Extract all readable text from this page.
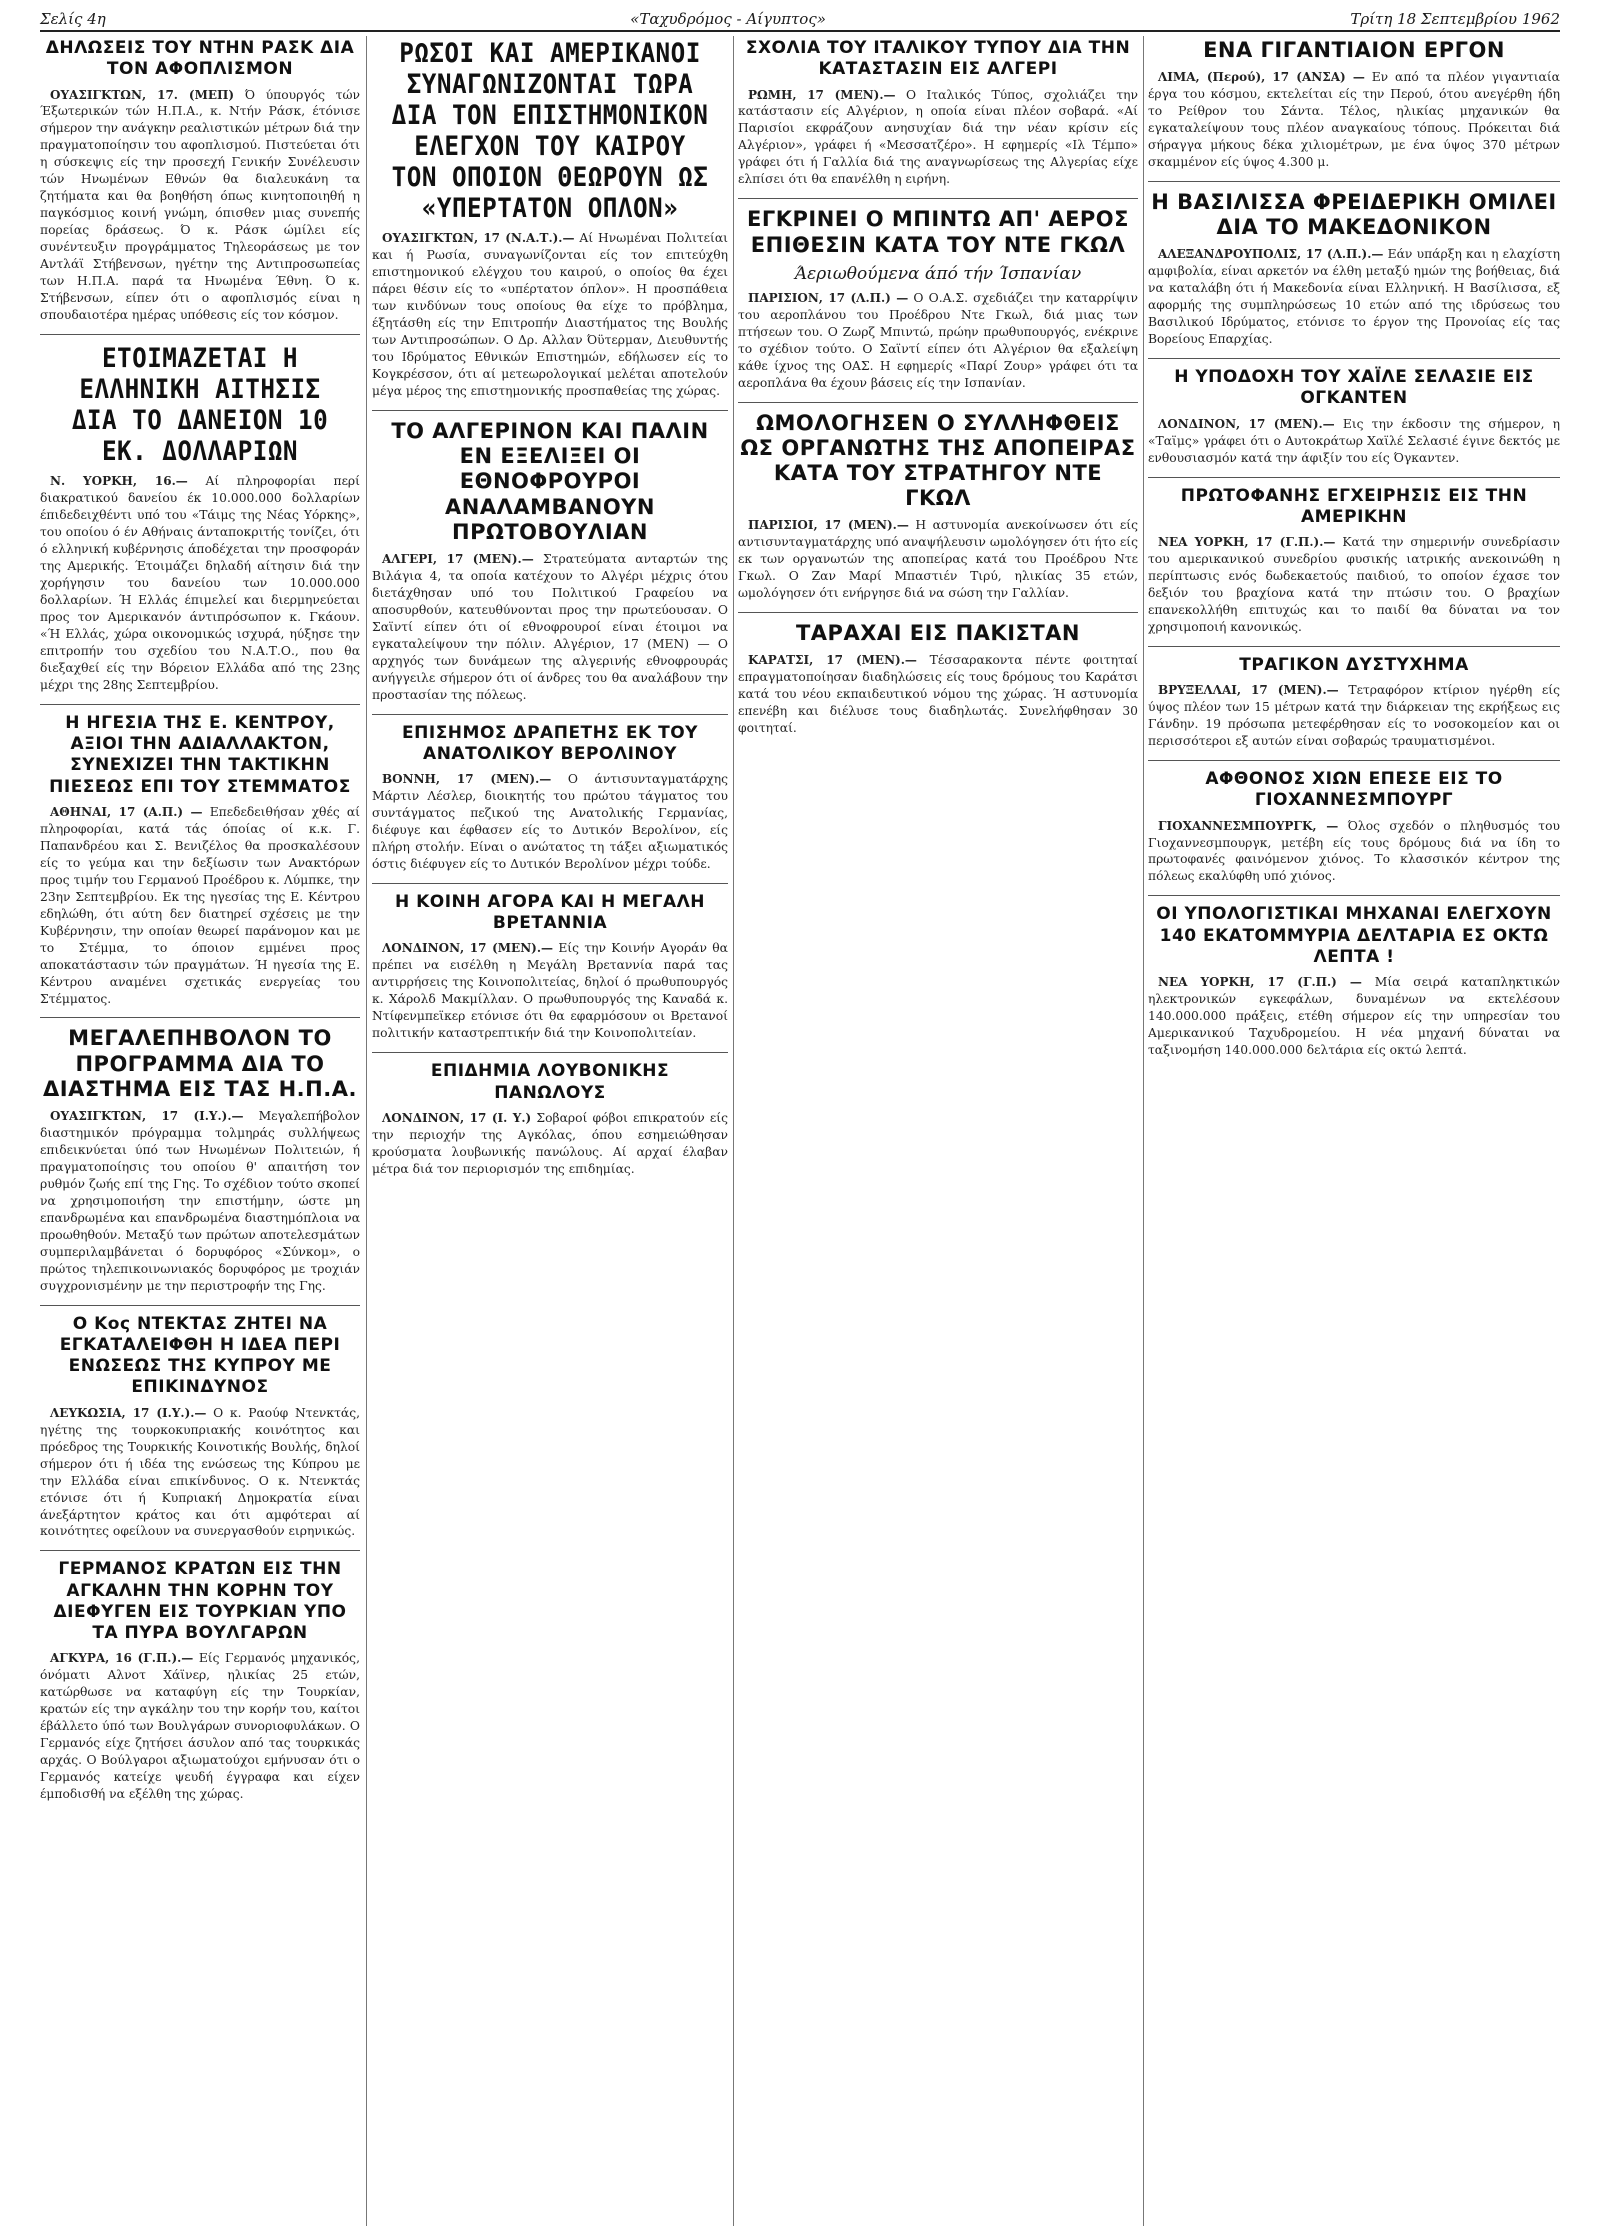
Σελίς 4η	«Ταχυδρόμος - Αίγυπτος»	Τρίτη 18 Σεπτεμβρίου 1962
ΔΗΛΩΣΕΙΣ ΤΟΥ ΝΤΗΝ ΡΑΣΚ ΔΙΑ ΤΟΝ ΑΦΟΠΛΙΣΜΟΝ

ΟΥΑΣΙΓΚΤΩΝ, 17. (ΜΕΠ) Ό ύπουργός τών Έξωτερικών τών Η.Π.Α., κ. Ντήν Ράσκ, έτόνισε σήμερον την ανάγκην ρεαλιστικών μέτρων διά την πραγματοποίησιν του αφοπλισμού. Πιστεύεται ότι η σύσκεψις είς την προσεχή Γενικήν Συνέλευσιν τών Ηνωμένων Εθνών θα διαλευκάνη τα ζητήματα και θα βοηθήση όπως κινητοποιηθή η παγκόσμιος κοινή γνώμη, όπισθεν μιας συνεπής πορείας δράσεως. Ό κ. Ράσκ ώμίλει είς συνέντευξιν προγράμματος Τηλεοράσεως με τον Αντλάϊ Στήβενσων, ηγέτην της Αντιπροσωπείας των Η.Π.Α. παρά τα Ηνωμένα Έθνη. Ό κ. Στήβενσων, είπεν ότι ο αφοπλισμός είναι η σπουδαιοτέρα ημέρας υπόθεσις είς τον κόσμον.

ΕΤΟΙΜΑΖΕΤΑΙ Η ΕΛΛΗΝΙΚΗ ΑΙΤΗΣΙΣ ΔΙΑ ΤΟ ΔΑΝΕΙΟΝ 10 ΕΚ. ΔΟΛΛΑΡΙΩΝ

Ν. ΥΟΡΚΗ, 16.— Αί πληροφορίαι περί διακρατικού δανείου έκ 10.000.000 δολλαρίων έπιδεδειχθέντι υπό του «Τάιμς της Νέας Υόρκης», του οποίου ό έν Αθήναις άνταποκριτής τονίζει, ότι ό ελληνική κυβέρνησις άποδέχεται την προσφοράν της Αμερικής. Έτοιμάζει δηλαδή αίτησιν διά την χορήγησιν του δανείου των 10.000.000 δολλαρίων. Ή Ελλάς έπιμελεί και διερμηνεύεται προς τον Αμερικανόν άντιπρόσωπον κ. Γκάουν. «Ή Ελλάς, χώρα οικονομικώς ισχυρά, ηύξησε την επιτροπήν του σχεδίου του Ν.Α.Τ.Ο., που θα διεξαχθεί είς την Βόρειον Ελλάδα από της 23ης μέχρι της 28ης Σεπτεμβρίου.

Η ΗΓΕΣΙΑ ΤΗΣ Ε. ΚΕΝΤΡΟΥ, ΑΞΙΟΙ ΤΗΝ ΑΔΙΑΛΛΑΚΤΟΝ, ΣΥΝΕΧΙΖΕΙ ΤΗΝ ΤΑΚΤΙΚΗΝ ΠΙΕΣΕΩΣ ΕΠΙ ΤΟΥ ΣΤΕΜΜΑΤΟΣ

ΑΘΗΝΑΙ, 17 (Α.Π.) — Επεδεδειθήσαν χθές αί πληροφορίαι, κατά τάς όποίας οί κ.κ. Γ. Παπανδρέου και Σ. Βενιζέλος θα προσκαλέσουν είς το γεύμα και την δεξίωσιν των Ανακτόρων προς τιμήν του Γερμανού Προέδρου κ. Λύμπκε, την 23ην Σεπτεμβρίου. Εκ της ηγεσίας της Ε. Κέντρου εδηλώθη, ότι αύτη δεν διατηρεί σχέσεις με την Κυβέρνησιν, την οποίαν θεωρεί παράνομον και με το Στέμμα, το όποιον εμμένει προς αποκατάστασιν τών πραγμάτων. Ή ηγεσία της Ε. Κέντρου αναμένει σχετικάς ενεργείας του Στέμματος.

ΜΕΓΑΛΕΠΗΒΟΛΟΝ ΤΟ ΠΡΟΓΡΑΜΜΑ ΔΙΑ ΤΟ ΔΙΑΣΤΗΜΑ ΕΙΣ ΤΑΣ Η.Π.Α.

ΟΥΑΣΙΓΚΤΩΝ, 17 (Ι.Υ.).— Μεγαλεπήβολον διαστημικόν πρόγραμμα τολμηράς συλλήψεως επιδεικνύεται ύπό των Ηνωμένων Πολιτειών, ή πραγματοποίησις του οποίου θ' απαιτήση τον ρυθμόν ζωής επί της Γης. Το σχέδιον τούτο σκοπεί να χρησιμοποιήση την επιστήμην, ώστε μη επανδρωμένα και επανδρωμένα διαστημόπλοια να προωθηθούν. Μεταξύ των πρώτων αποτελεσμάτων συμπεριλαμβάνεται ό δορυφόρος «Σύνκομ», ο πρώτος τηλεπικοινωνιακός δορυφόρος με τροχιάν συγχρονισμένην με την περιστροφήν της Γης.

Ο Κος ΝΤΕΚΤΑΣ ΖΗΤΕΙ ΝΑ ΕΓΚΑΤΑΛΕΙΦΘΗ Η ΙΔΕΑ ΠΕΡΙ ΕΝΩΣΕΩΣ ΤΗΣ ΚΥΠΡΟΥ ΜΕ ΕΠΙΚΙΝΔΥΝΟΣ

ΛΕΥΚΩΣΙΑ, 17 (Ι.Υ.).— Ο κ. Ραούφ Ντενκτάς, ηγέτης της τουρκοκυπριακής κοινότητος και πρόεδρος της Τουρκικής Κοινοτικής Βουλής, δηλοί σήμερον ότι ή ιδέα της ενώσεως της Κύπρου με την Ελλάδα είναι επικίνδυνος. Ο κ. Ντενκτάς ετόνισε ότι ή Κυπριακή Δημοκρατία είναι άνεξάρτητον κράτος και ότι αμφότεραι αί κοινότητες οφείλουν να συνεργασθούν ειρηνικώς.

ΓΕΡΜΑΝΟΣ ΚΡΑΤΩΝ ΕΙΣ ΤΗΝ ΑΓΚΑΛΗΝ ΤΗΝ ΚΟΡΗΝ ΤΟΥ ΔΙΕΦΥΓΕΝ ΕΙΣ ΤΟΥΡΚΙΑΝ ΥΠΟ ΤΑ ΠΥΡΑ ΒΟΥΛΓΑΡΩΝ

ΑΓΚΥΡΑ, 16 (Γ.Π.).— Είς Γερμανός μηχανικός, όνόματι Αλνοτ Χάϊνερ, ηλικίας 25 ετών, κατώρθωσε να καταφύγη είς την Τουρκίαν, κρατών είς την αγκάλην του την κορήν του, καίτοι έβάλλετο ύπό των Βουλγάρων συνοριοφυλάκων. Ο Γερμανός είχε ζητήσει άσυλον από τας τουρκικάς αρχάς. Ο Βούλγαροι αξιωματούχοι εμήνυσαν ότι ο Γερμανός κατείχε ψευδή έγγραφα και είχεν έμποδισθή να εξέλθη της χώρας.

ΡΩΣΟΙ ΚΑΙ ΑΜΕΡΙΚΑΝΟΙ ΣΥΝΑΓΩΝΙΖΟΝΤΑΙ ΤΩΡΑ ΔΙΑ ΤΟΝ ΕΠΙΣΤΗΜΟΝΙΚΟΝ ΕΛΕΓΧΟΝ ΤΟΥ ΚΑΙΡΟΥ ΤΟΝ ΟΠΟΙΟΝ ΘΕΩΡΟΥΝ ΩΣ «ΥΠΕΡΤΑΤΟΝ ΟΠΛΟΝ»

ΟΥΑΣΙΓΚΤΩΝ, 17 (Ν.Α.Τ.).— Αί Ηνωμέναι Πολιτείαι και ή Ρωσία, συναγωνίζονται είς τον επιτεύχθη επιστημονικού ελέγχου του καιρού, ο οποίος θα έχει πάρει θέσιν είς το «υπέρτατον όπλον». Η προσπάθεια των κινδύνων τους οποίους θα είχε το πρόβλημα, έξητάσθη είς την Επιτροπήν Διαστήματος της Βουλής των Αντιπροσώπων. Ο Δρ. Αλλαν Όϋτερμαν, Διευθυντής του Ιδρύματος Εθνικών Επιστημών, εδήλωσεν είς το Κογκρέσσον, ότι αί μετεωρολογικαί μελέται αποτελούν μέγα μέρος της επιστημονικής προσπαθείας της χώρας.

ΤΟ ΑΛΓΕΡΙΝΟΝ ΚΑΙ ΠΑΛΙΝ ΕΝ ΕΞΕΛΙΞΕΙ ΟΙ ΕΘΝΟΦΡΟΥΡΟΙ ΑΝΑΛΑΜΒΑΝΟΥΝ ΠΡΩΤΟΒΟΥΛΙΑΝ

ΑΛΓΕΡΙ, 17 (ΜΕΝ).— Στρατεύματα ανταρτών της Βιλάγια 4, τα οποία κατέχουν το Αλγέρι μέχρις ότου διετάχθησαν υπό του Πολιτικού Γραφείου να αποσυρθούν, κατευθύνονται προς την πρωτεύουσαν. Ο Σαϊντί είπεν ότι οί εθνοφρουροί είναι έτοιμοι να εγκαταλείψουν την πόλιν. Αλγέριον, 17 (ΜΕΝ) — Ο αρχηγός των δυνάμεων της αλγερινής εθνοφρουράς ανήγγειλε σήμερον ότι οί άνδρες του θα αναλάβουν την προστασίαν της πόλεως.

ΕΠΙΣΗΜΟΣ ΔΡΑΠΕΤΗΣ ΕΚ ΤΟΥ ΑΝΑΤΟΛΙΚΟΥ ΒΕΡΟΛΙΝΟΥ

ΒΟΝΝΗ, 17 (ΜΕΝ).— Ο άντισυνταγματάρχης Μάρτιν Λέσλερ, διοικητής του πρώτου τάγματος του συντάγματος πεζικού της Ανατολικής Γερμανίας, διέφυγε και έφθασεν είς το Δυτικόν Βερολίνον, είς πλήρη στολήν. Είναι ο ανώτατος τη τάξει αξιωματικός όστις διέφυγεν είς το Δυτικόν Βερολίνον μέχρι τούδε.

Η ΚΟΙΝΗ ΑΓΟΡΑ ΚΑΙ Η ΜΕΓΑΛΗ ΒΡΕΤΑΝΝΙΑ

ΛΟΝΔΙΝΟΝ, 17 (ΜΕΝ).— Είς την Κοινήν Αγοράν θα πρέπει να εισέλθη η Μεγάλη Βρεταννία παρά τας αντιρρήσεις της Κοινοπολιτείας, δηλοί ό πρωθυπουργός κ. Χάρολδ Μακμίλλαν. Ο πρωθυπουργός της Καναδά κ. Ντίφενμπεϊκερ ετόνισε ότι θα εφαρμόσουν οι Βρετανοί πολιτικήν καταστρεπτικήν διά την Κοινοπολιτείαν.

ΕΠΙΔΗΜΙΑ ΛΟΥΒΟΝΙΚΗΣ ΠΑΝΩΛΟΥΣ

ΛΟΝΔΙΝΟΝ, 17 (Ι. Υ.) Σοβαροί φόβοι επικρατούν είς την περιοχήν της Αγκόλας, όπου εσημειώθησαν κρούσματα λουβωνικής πανώλους. Αί αρχαί έλαβαν μέτρα διά τον περιορισμόν της επιδημίας.

ΣΧΟΛΙΑ ΤΟΥ ΙΤΑΛΙΚΟΥ ΤΥΠΟΥ ΔΙΑ ΤΗΝ ΚΑΤΑΣΤΑΣΙΝ ΕΙΣ ΑΛΓΕΡΙ

ΡΩΜΗ, 17 (ΜΕΝ).— Ο Ιταλικός Τύπος, σχολιάζει την κατάστασιν είς Αλγέριον, η οποία είναι πλέον σοβαρά. «Αί Παρισίοι εκφράζουν ανησυχίαν διά την νέαν κρίσιν είς Αλγέριον», γράφει ή «Μεσσατζέρο». Η εφημερίς «Ιλ Τέμπο» γράφει ότι ή Γαλλία διά της αναγνωρίσεως της Αλγερίας είχε ελπίσει ότι θα επανέλθη η ειρήνη.

ΕΓΚΡΙΝΕΙ Ο ΜΠΙΝΤΩ ΑΠ' ΑΕΡΟΣ ΕΠΙΘΕΣΙΝ ΚΑΤΑ ΤΟΥ ΝΤΕ ΓΚΩΛ
Άεριωθούμενα άπό τήν Ίσπανίαν

ΠΑΡΙΣΙΟΝ, 17 (Λ.Π.) — Ο Ο.Α.Σ. σχεδιάζει την καταρρίψιν του αεροπλάνου του Προέδρου Ντε Γκωλ, διά μιας των πτήσεων του. Ο Ζωρζ Μπιντώ, πρώην πρωθυπουργός, ενέκρινε το σχέδιον τούτο. Ο Σαϊντί είπεν ότι Αλγέριον θα εξαλείψη κάθε ίχνος της ΟΑΣ. Η εφημερίς «Παρί Ζουρ» γράφει ότι τα αεροπλάνα θα έχουν βάσεις είς την Ισπανίαν.

ΩΜΟΛΟΓΗΣΕΝ Ο ΣΥΛΛΗΦΘΕΙΣ ΩΣ ΟΡΓΑΝΩΤΗΣ ΤΗΣ ΑΠΟΠΕΙΡΑΣ ΚΑΤΑ ΤΟΥ ΣΤΡΑΤΗΓΟΥ ΝΤΕ ΓΚΩΛ

ΠΑΡΙΣΙΟΙ, 17 (ΜΕΝ).— Η αστυνομία ανεκοίνωσεν ότι είς αντισυνταγματάρχης υπό αναψήλευσιν ωμολόγησεν ότι ήτο είς εκ των οργανωτών της αποπείρας κατά του Προέδρου Ντε Γκωλ. Ο Ζαν Μαρί Μπαστιέν Τιρύ, ηλικίας 35 ετών, ωμολόγησεν ότι ενήργησε διά να σώση την Γαλλίαν.

ΤΑΡΑΧΑΙ ΕΙΣ ΠΑΚΙΣΤΑΝ

ΚΑΡΑΤΣΙ, 17 (ΜΕΝ).— Τέσσαρακοντα πέντε φοιτηταί επραγματοποίησαν διαδηλώσεις είς τους δρόμους του Καράτσι κατά του νέου εκπαιδευτικού νόμου της χώρας. Ή αστυνομία επενέβη και διέλυσε τους διαδηλωτάς. Συνελήφθησαν 30 φοιτηταί.

ΕΝΑ ΓΙΓΑΝΤΙΑΙΟΝ ΕΡΓΟΝ

ΛΙΜΑ, (Περού), 17 (ΑΝΣΑ) — Εν από τα πλέον γιγαντιαία έργα του κόσμου, εκτελείται είς την Περού, ότου ανεγέρθη ήδη το Ρείθρον του Σάντα. Τέλος, ηλικίας μηχανικών θα εγκαταλείψουν τους πλέον αναγκαίους τόπους. Πρόκειται διά σήραγγα μήκους δέκα χιλιομέτρων, με ένα ύψος 370 μέτρων σκαμμένον είς ύψος 4.300 μ.

Η ΒΑΣΙΛΙΣΣΑ ΦΡΕΙΔΕΡΙΚΗ ΟΜΙΛΕΙ ΔΙΑ ΤΟ ΜΑΚΕΔΟΝΙΚΟΝ

ΑΛΕΞΑΝΔΡΟΥΠΟΛΙΣ, 17 (Λ.Π.).— Εάν υπάρξη και η ελαχίστη αμφιβολία, είναι αρκετόν να έλθη μεταξύ ημών της βοήθειας, διά να καταλάβη ότι ή Μακεδονία είναι Ελληνική. Η Βασίλισσα, εξ αφορμής της συμπληρώσεως 10 ετών από της ιδρύσεως του Βασιλικού Ιδρύματος, ετόνισε το έργον της Προνοίας είς τας Βορείους Επαρχίας.

Η ΥΠΟΔΟΧΗ ΤΟΥ ΧΑΪΛΕ ΣΕΛΑΣΙΕ ΕΙΣ ΟΓΚΑΝΤΕΝ

ΛΟΝΔΙΝΟΝ, 17 (ΜΕΝ).— Εις την έκδοσιν της σήμερον, η «Ταϊμς» γράφει ότι ο Αυτοκράτωρ Χαϊλέ Σελασιέ έγινε δεκτός με ενθουσιασμόν κατά την άφιξίν του είς Όγκαντεν.

ΠΡΩΤΟΦΑΝΗΣ ΕΓΧΕΙΡΗΣΙΣ ΕΙΣ ΤΗΝ ΑΜΕΡΙΚΗΝ

ΝΕΑ ΥΟΡΚΗ, 17 (Γ.Π.).— Κατά την σημερινήν συνεδρίασιν του αμερικανικού συνεδρίου φυσικής ιατρικής ανεκοινώθη η περίπτωσις ενός δωδεκαετούς παιδιού, το οποίον έχασε τον δεξιόν του βραχίονα κατά την πτώσιν του. Ο βραχίων επανεκολλήθη επιτυχώς και το παιδί θα δύναται να τον χρησιμοποιή κανονικώς.

ΤΡΑΓΙΚΟΝ ΔΥΣΤΥΧΗΜΑ

ΒΡΥΞΕΛΛΑΙ, 17 (ΜΕΝ).— Τετραφόρον κτίριον ηγέρθη είς ύψος πλέον των 15 μέτρων κατά την διάρκειαν της εκρήξεως εις Γάνδην. 19 πρόσωπα μετεφέρθησαν είς το νοσοκομείον και οι περισσότεροι εξ αυτών είναι σοβαρώς τραυματισμένοι.

ΑΦΘΟΝΟΣ ΧΙΩΝ ΕΠΕΣΕ ΕΙΣ ΤΟ ΓΙΟΧΑΝΝΕΣΜΠΟΥΡΓ

ΓΙΟΧΑΝΝΕΣΜΠΟΥΡΓΚ, — Όλος σχεδόν ο πληθυσμός του Γιοχαννεσμπουργκ, μετέβη είς τους δρόμους διά να ίδη το πρωτοφανές φαινόμενον χιόνος. Το κλασσικόν κέντρον της πόλεως εκαλύφθη υπό χιόνος.

ΟΙ ΥΠΟΛΟΓΙΣΤΙΚΑΙ ΜΗΧΑΝΑΙ ΕΛΕΓΧΟΥΝ 140 ΕΚΑΤΟΜΜΥΡΙΑ ΔΕΛΤΑΡΙΑ ΕΣ ΟΚΤΩ ΛΕΠΤΑ !

ΝΕΑ ΥΟΡΚΗ, 17 (Γ.Π.) — Μία σειρά καταπληκτικών ηλεκτρονικών εγκεφάλων, δυναμένων να εκτελέσουν 140.000.000 πράξεις, ετέθη σήμερον είς την υπηρεσίαν του Αμερικανικού Ταχυδρομείου. Η νέα μηχανή δύναται να ταξινομήση 140.000.000 δελτάρια είς οκτώ λεπτά.
